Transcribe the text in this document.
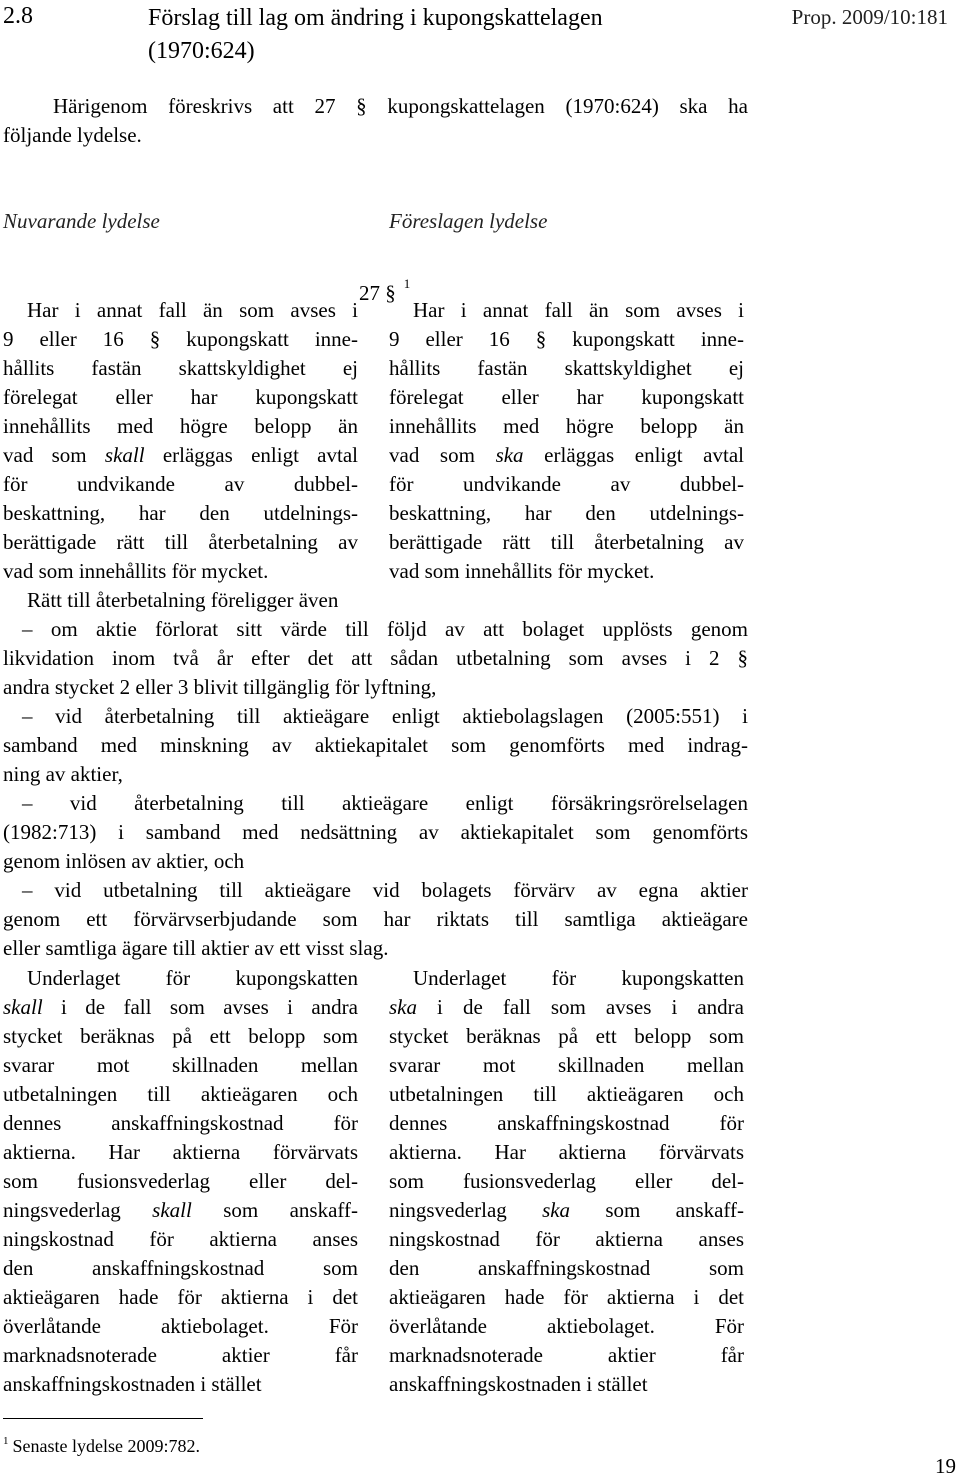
2.8	Förslag till lag om ändring i kupongskattelagen
(1970:624)
Prop. 2009/10:181
Härigenom föreskrivs att 27 § kupongskattelagen (1970:624) ska ha
följande lydelse.
Nuvarande lydelse	Föreslagen lydelse
27 § $^1$
Har i annat fall än som avses i
9 eller 16 § kupongskatt inne-
hållits fastän skattskyldighet ej
förelegat eller har kupongskatt
innehållits med högre belopp än
vad som skall erläggas enligt avtal
för undvikande av dubbel-
beskattning, har den utdelnings-
berättigade rätt till återbetalning av
vad som innehållits för mycket.
Har i annat fall än som avses i
9 eller 16 § kupongskatt inne-
hållits fastän skattskyldighet ej
förelegat eller har kupongskatt
innehållits med högre belopp än
vad som ska erläggas enligt avtal
för undvikande av dubbel-
beskattning, har den utdelnings-
berättigade rätt till återbetalning av
vad som innehållits för mycket.
Rätt till återbetalning föreligger även
– om aktie förlorat sitt värde till följd av att bolaget upplösts genom
likvidation inom två år efter det att sådan utbetalning som avses i 2 §
andra stycket 2 eller 3 blivit tillgänglig för lyftning,
– vid återbetalning till aktieägare enligt aktiebolagslagen (2005:551) i
samband med minskning av aktiekapitalet som genomförts med indrag-
ning av aktier,
– vid återbetalning till aktieägare enligt försäkringsrörelselagen
(1982:713) i samband med nedsättning av aktiekapitalet som genomförts
genom inlösen av aktier, och
– vid utbetalning till aktieägare vid bolagets förvärv av egna aktier
genom ett förvärvserbjudande som har riktats till samtliga aktieägare
eller samtliga ägare till aktier av ett visst slag.
Underlaget för kupongskatten
skall i de fall som avses i andra
stycket beräknas på ett belopp som
svarar mot skillnaden mellan
utbetalningen till aktieägaren och
dennes anskaffningskostnad för
aktierna. Har aktierna förvärvats
som fusionsvederlag eller del-
ningsvederlag skall som anskaff-
ningskostnad för aktierna anses
den anskaffningskostnad som
aktieägaren hade för aktierna i det
överlåtande aktiebolaget. För
marknadsnoterade aktier får
anskaffningskostnaden i stället
Underlaget för kupongskatten
ska i de fall som avses i andra
stycket beräknas på ett belopp som
svarar mot skillnaden mellan
utbetalningen till aktieägaren och
dennes anskaffningskostnad för
aktierna. Har aktierna förvärvats
som fusionsvederlag eller del-
ningsvederlag ska som anskaff-
ningskostnad för aktierna anses
den anskaffningskostnad som
aktieägaren hade för aktierna i det
överlåtande aktiebolaget. För
marknadsnoterade aktier får
anskaffningskostnaden i stället
$^1$ Senaste lydelse 2009:782.
19
